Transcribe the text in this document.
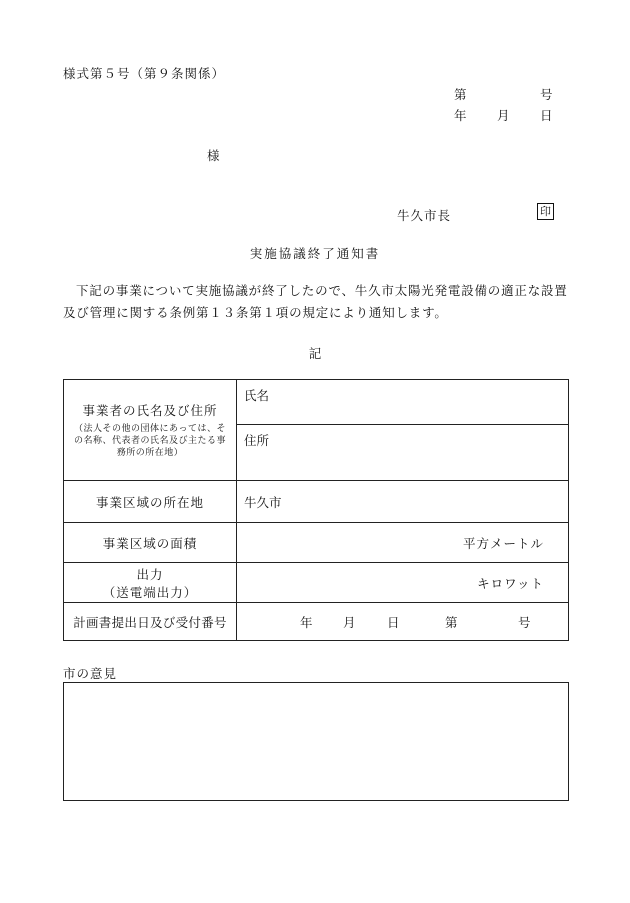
様式第５号（第９条関係）
第	号
年 月 日
様
牛久市長	印
実施協議終了通知書
下記の事業について実施協議が終了したので、牛久市太陽光発電設備の適正な設置及び管理に関する条例第１３条第１項の規定により通知します。
記
事業者の氏名及び住所
（法人その他の団体にあっては、その名称、代表者の氏名及び主たる事務所の所在地）	氏名
	住所
事業区域の所在地	牛久市
事業区域の面積	平方メートル

出力
（送電端出力）	キロワット
計画書提出日及び受付番号	年 月 日 第 号
市の意見
